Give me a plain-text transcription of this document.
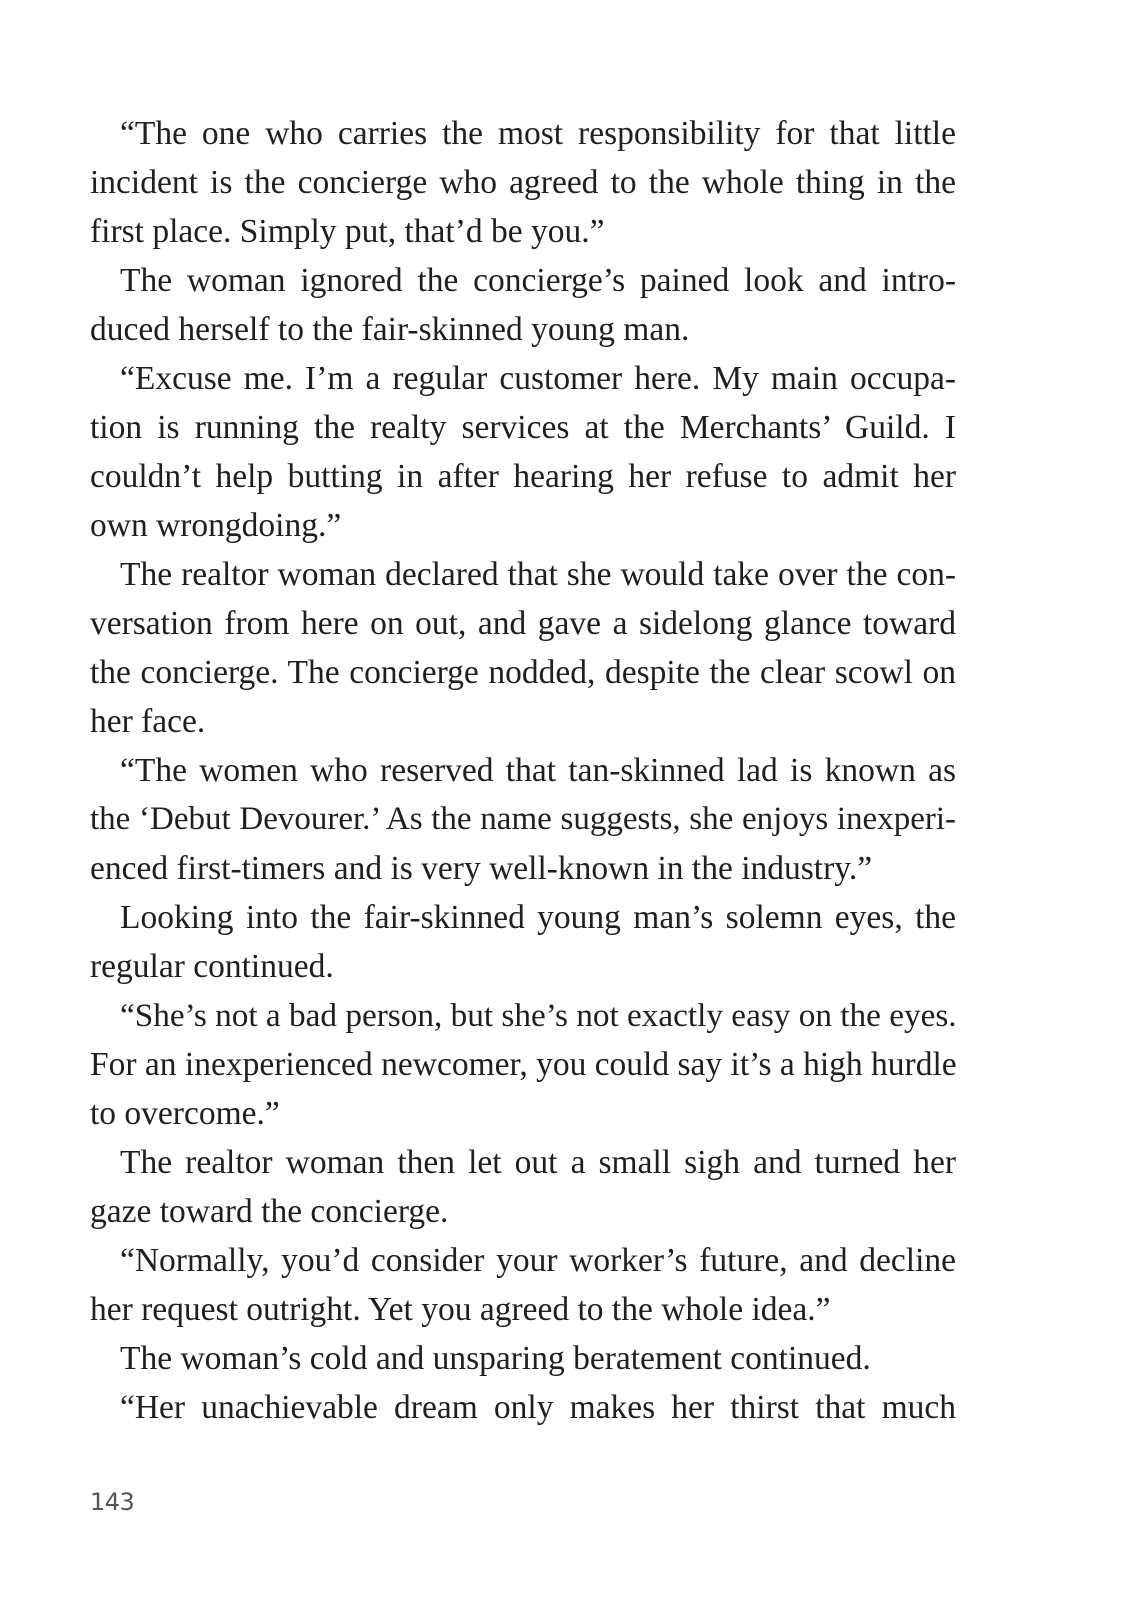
“The one who carries the most responsibility for that little
incident is the concierge who agreed to the whole thing in the
first place. Simply put, that’d be you.”
The woman ignored the concierge’s pained look and intro-
duced herself to the fair-skinned young man.
“Excuse me. I’m a regular customer here. My main occupa-
tion is running the realty services at the Merchants’ Guild. I
couldn’t help butting in after hearing her refuse to admit her
own wrongdoing.”
The realtor woman declared that she would take over the con-
versation from here on out, and gave a sidelong glance toward
the concierge. The concierge nodded, despite the clear scowl on
her face.
“The women who reserved that tan-skinned lad is known as
the ‘Debut Devourer.’ As the name suggests, she enjoys inexperi-
enced first-timers and is very well-known in the industry.”
Looking into the fair-skinned young man’s solemn eyes, the
regular continued.
“She’s not a bad person, but she’s not exactly easy on the eyes.
For an inexperienced newcomer, you could say it’s a high hurdle
to overcome.”
The realtor woman then let out a small sigh and turned her
gaze toward the concierge.
“Normally, you’d consider your worker’s future, and decline
her request outright. Yet you agreed to the whole idea.”
The woman’s cold and unsparing beratement continued.
“Her unachievable dream only makes her thirst that much
143
